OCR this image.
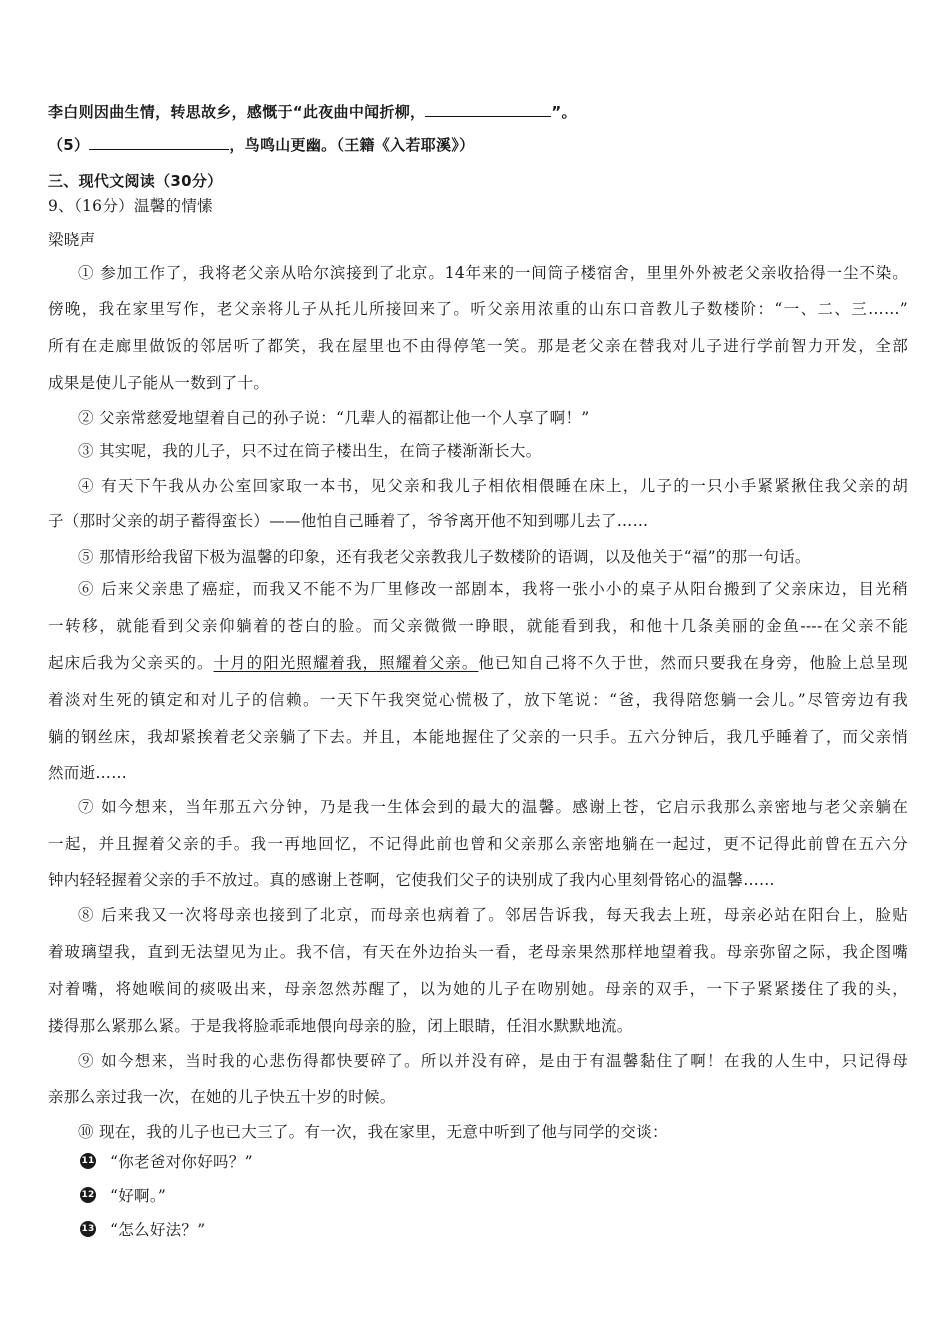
李白则因曲生情，转思故乡，感慨于“此夜曲中闻折柳，	”。
（5）	，鸟鸣山更幽。（王籍《入若耶溪》）
三、现代文阅读（30分）
9、（16分）温馨的情愫
梁晓声
① 参加工作了，我将老父亲从哈尔滨接到了北京。14年来的一间筒子楼宿舍，里里外外被老父亲收拾得一尘不染。
傍晚，我在家里写作，老父亲将儿子从托儿所接回来了。听父亲用浓重的山东口音教儿子数楼阶：“一、二、三……”
所有在走廊里做饭的邻居听了都笑，我在屋里也不由得停笔一笑。那是老父亲在替我对儿子进行学前智力开发，全部
成果是使儿子能从一数到了十。
② 父亲常慈爱地望着自己的孙子说：“几辈人的福都让他一个人享了啊！”
③ 其实呢，我的儿子，只不过在筒子楼出生，在筒子楼渐渐长大。
④ 有天下午我从办公室回家取一本书，见父亲和我儿子相依相偎睡在床上，儿子的一只小手紧紧揪住我父亲的胡
子（那时父亲的胡子蓄得蛮长）——他怕自己睡着了，爷爷离开他不知到哪儿去了……
⑤ 那情形给我留下极为温馨的印象，还有我老父亲教我儿子数楼阶的语调，以及他关于“福”的那一句话。
⑥ 后来父亲患了癌症，而我又不能不为厂里修改一部剧本，我将一张小小的桌子从阳台搬到了父亲床边，目光稍
一转移，就能看到父亲仰躺着的苍白的脸。而父亲微微一睁眼，就能看到我，和他十几条美丽的金鱼----在父亲不能
起床后我为父亲买的。十月的阳光照耀着我，照耀着父亲。他已知自己将不久于世，然而只要我在身旁，他脸上总呈现
着淡对生死的镇定和对儿子的信赖。一天下午我突觉心慌极了，放下笔说：“爸，我得陪您躺一会儿。”尽管旁边有我
躺的钢丝床，我却紧挨着老父亲躺了下去。并且，本能地握住了父亲的一只手。五六分钟后，我几乎睡着了，而父亲悄
然而逝……
⑦ 如今想来，当年那五六分钟，乃是我一生体会到的最大的温馨。感谢上苍，它启示我那么亲密地与老父亲躺在
一起，并且握着父亲的手。我一再地回忆，不记得此前也曾和父亲那么亲密地躺在一起过，更不记得此前曾在五六分
钟内轻轻握着父亲的手不放过。真的感谢上苍啊，它使我们父子的诀别成了我内心里刻骨铭心的温馨……
⑧ 后来我又一次将母亲也接到了北京，而母亲也病着了。邻居告诉我，每天我去上班，母亲必站在阳台上，脸贴
着玻璃望我，直到无法望见为止。我不信，有天在外边抬头一看，老母亲果然那样地望着我。母亲弥留之际，我企图嘴
对着嘴，将她喉间的痰吸出来，母亲忽然苏醒了，以为她的儿子在吻别她。母亲的双手，一下子紧紧搂住了我的头，
搂得那么紧那么紧。于是我将脸乖乖地偎向母亲的脸，闭上眼睛，任泪水默默地流。
⑨ 如今想来，当时我的心悲伤得都快要碎了。所以并没有碎，是由于有温馨黏住了啊！在我的人生中，只记得母
亲那么亲过我一次，在她的儿子快五十岁的时候。
⑩ 现在，我的儿子也已大三了。有一次，我在家里，无意中听到了他与同学的交谈：
11 “你老爸对你好吗？”
12 “好啊。”
13 “怎么好法？”
